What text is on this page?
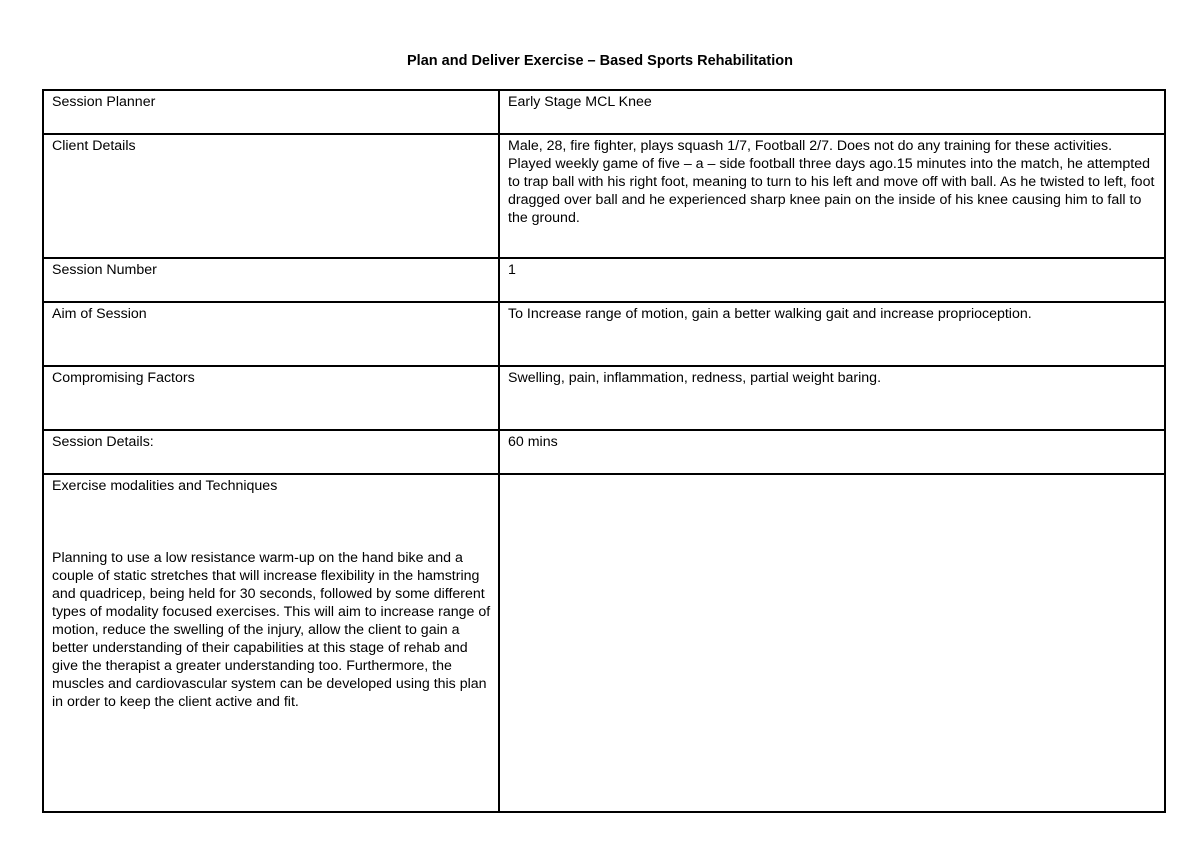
Plan and Deliver Exercise – Based Sports Rehabilitation
Session Planner	Early Stage MCL Knee
Client Details	Male, 28, fire fighter, plays squash 1/7, Football 2/7. Does not do any training for these activities. Played weekly game of five – a – side football three days ago.15 minutes into the match, he attempted to trap ball with his right foot, meaning to turn to his left and move off with ball. As he twisted to left, foot dragged over ball and he experienced sharp knee pain on the inside of his knee causing him to fall to the ground.
Session Number	1
Aim of Session	To Increase range of motion, gain a better walking gait and increase proprioception.
Compromising Factors	Swelling, pain, inflammation, redness, partial weight baring.
Session Details:	60 mins

Exercise modalities and Techniques
Planning to use a low resistance warm-up on the hand bike and a couple of static stretches that will increase flexibility in the hamstring and quadricep, being held for 30 seconds, followed by some different types of modality focused exercises. This will aim to increase range of motion, reduce the swelling of the injury, allow the client to gain a better understanding of their capabilities at this stage of rehab and give the therapist a greater understanding too. Furthermore, the muscles and cardiovascular system can be developed using this plan in order to keep the client active and fit.	
